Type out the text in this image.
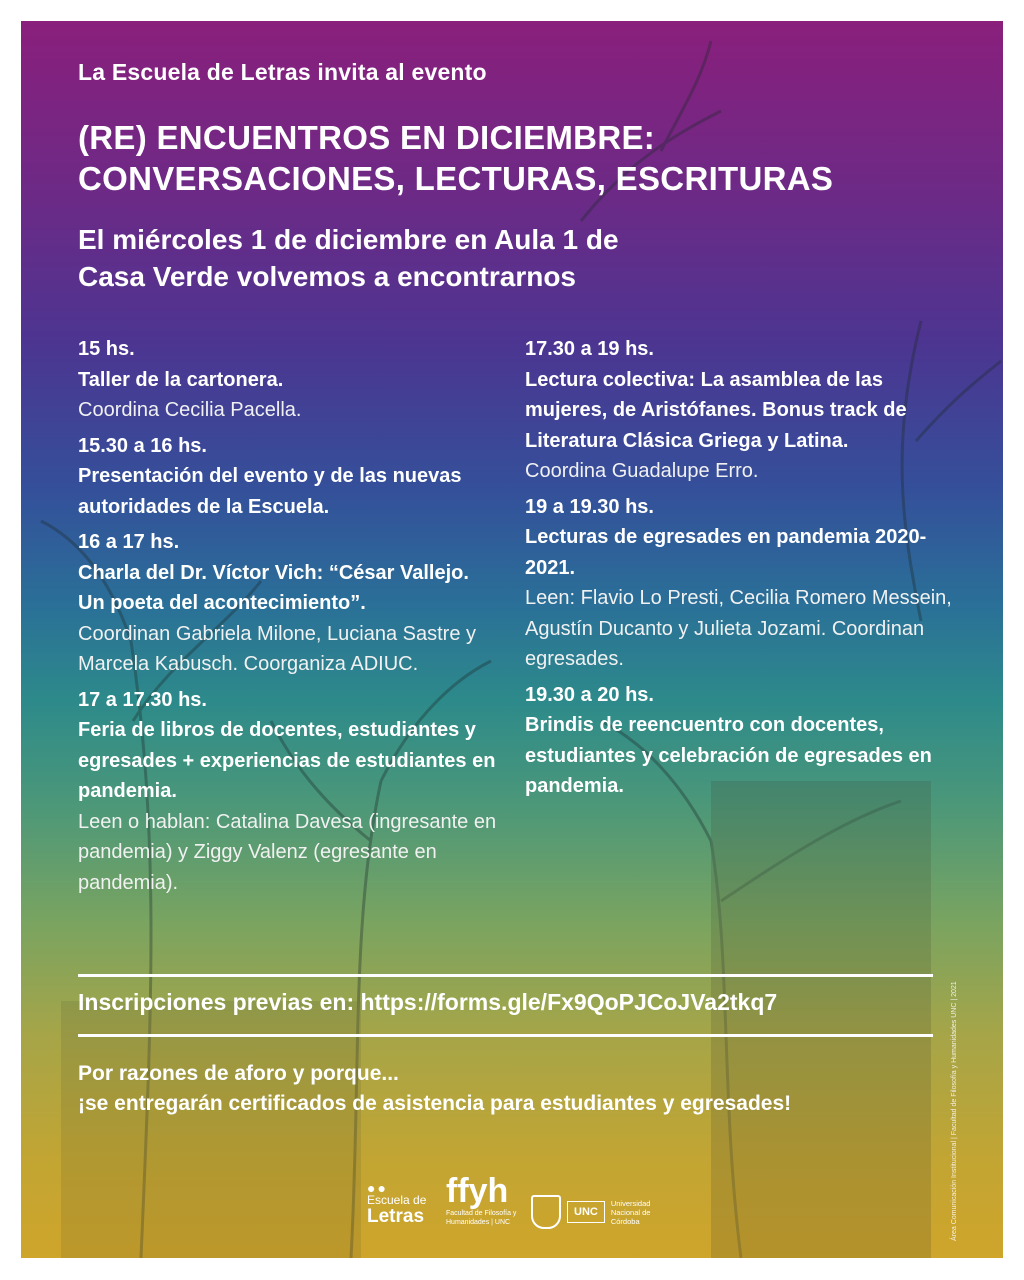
La Escuela de Letras invita al evento
(RE) ENCUENTROS EN DICIEMBRE:
CONVERSACIONES, LECTURAS, ESCRITURAS
El miércoles 1 de diciembre en Aula 1 de
Casa Verde volvemos a encontrarnos
15 hs.
Taller de la cartonera.
Coordina Cecilia Pacella.
15.30 a 16 hs.
Presentación del evento y de las nuevas autoridades de la Escuela.
16 a 17 hs.
Charla del Dr. Víctor Vich: “César Vallejo. Un poeta del acontecimiento”.
Coordinan Gabriela Milone, Luciana Sastre y Marcela Kabusch. Coorganiza ADIUC.
17 a 17.30 hs.
Feria de libros de docentes, estudiantes y egresades + experiencias de estudiantes en pandemia.
Leen o hablan: Catalina Davesa (ingresante en pandemia) y Ziggy Valenz (egresante en pandemia).
17.30 a 19 hs.
Lectura colectiva: La asamblea de las mujeres, de Aristófanes. Bonus track de Literatura Clásica Griega y Latina.
Coordina Guadalupe Erro.
19 a 19.30 hs.
Lecturas de egresades en pandemia 2020-2021.
Leen: Flavio Lo Presti, Cecilia Romero Messein, Agustín Ducanto y Julieta Jozami. Coordinan egresades.
19.30 a 20 hs.
Brindis de reencuentro con docentes, estudiantes y celebración de egresades en pandemia.
Inscripciones previas en: https://forms.gle/Fx9QoPJCoJVa2tkq7
Por razones de aforo y porque...
¡se entregarán certificados de asistencia para estudiantes y egresades!
●●
Escuela de
Letras
ffyh
Facultad de Filosofía y Humanidades | UNC
UNC
Universidad Nacional de Córdoba	Área Comunicación Institucional | Facultad de Filosofía y Humanidades UNC | 2021
